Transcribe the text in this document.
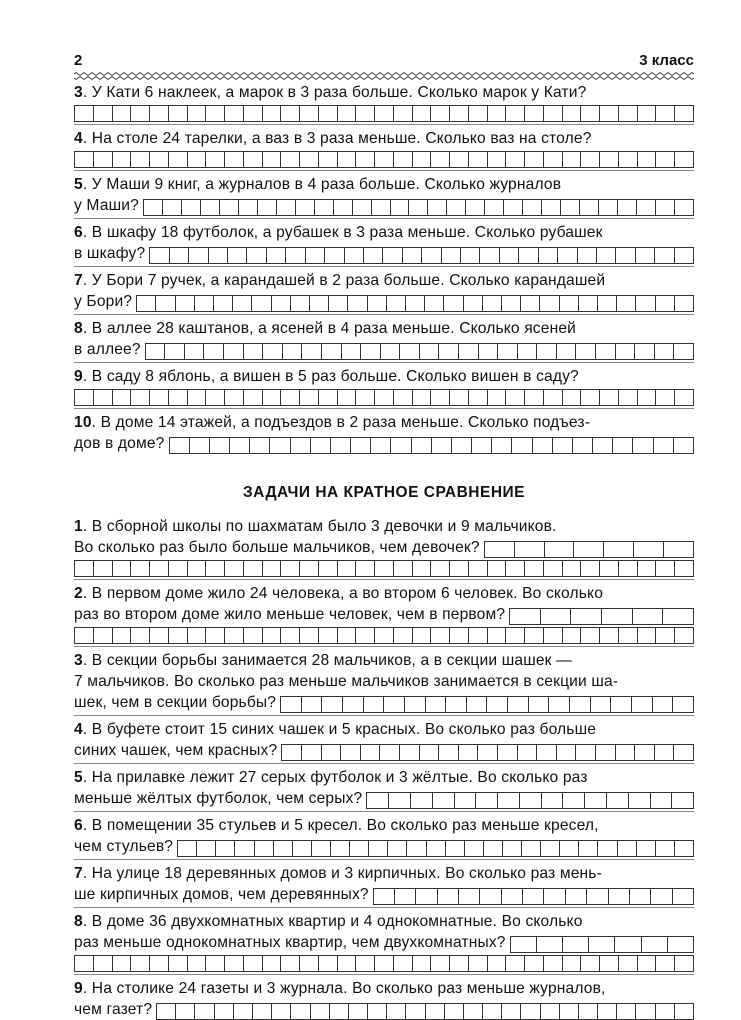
2	3 класс
3. У Кати 6 наклеек, а марок в 3 раза больше. Сколько марок у Кати?
4 . На столе 24 тарелки, а ваз в 3 раза меньше. Сколько ваз на столе?
5 . У Маши 9 книг, а журналов в 4 раза больше. Сколько журналов
у Маши?
6 . В шкафу 18 футболок, а рубашек в 3 раза меньше. Сколько рубашек
в шкафу?
7 . У Бори 7 ручек, а карандашей в 2 раза больше. Сколько карандашей
у Бори?
8 . В аллее 28 каштанов, а ясеней в 4 раза меньше. Сколько ясеней
в аллее?
9 . В саду 8 яблонь, а вишен в 5 раз больше. Сколько вишен в саду?
10 . В доме 14 этажей, а подъездов в 2 раза меньше. Сколько подъез-
дов в доме?
ЗАДАЧИ НА КРАТНОЕ СРАВНЕНИЕ
1 . В сборной школы по шахматам было 3 девочки и 9 мальчиков.
Во сколько раз было больше мальчиков, чем девочек?
2 . В первом доме жило 24 человека, а во втором 6 человек. Во сколько
раз во втором доме жило меньше человек, чем в первом?
3 . В секции борьбы занимается 28 мальчиков, а в секции шашек —
7 мальчиков. Во сколько раз меньше мальчиков занимается в секции ша-
шек, чем в секции борьбы?
4 . В буфете стоит 15 синих чашек и 5 красных. Во сколько раз больше
синих чашек, чем красных?
5 . На прилавке лежит 27 серых футболок и 3 жёлтые. Во сколько раз
меньше жёлтых футболок, чем серых?
6 . В помещении 35 стульев и 5 кресел. Во сколько раз меньше кресел,
чем стульев?
7 . На улице 18 деревянных домов и 3 кирпичных. Во сколько раз мень-
ше кирпичных домов, чем деревянных?
8 . В доме 36 двухкомнатных квартир и 4 однокомнатные. Во сколько
раз меньше однокомнатных квартир, чем двухкомнатных?
9 . На столике 24 газеты и 3 журнала. Во сколько раз меньше журналов,
чем газет?
